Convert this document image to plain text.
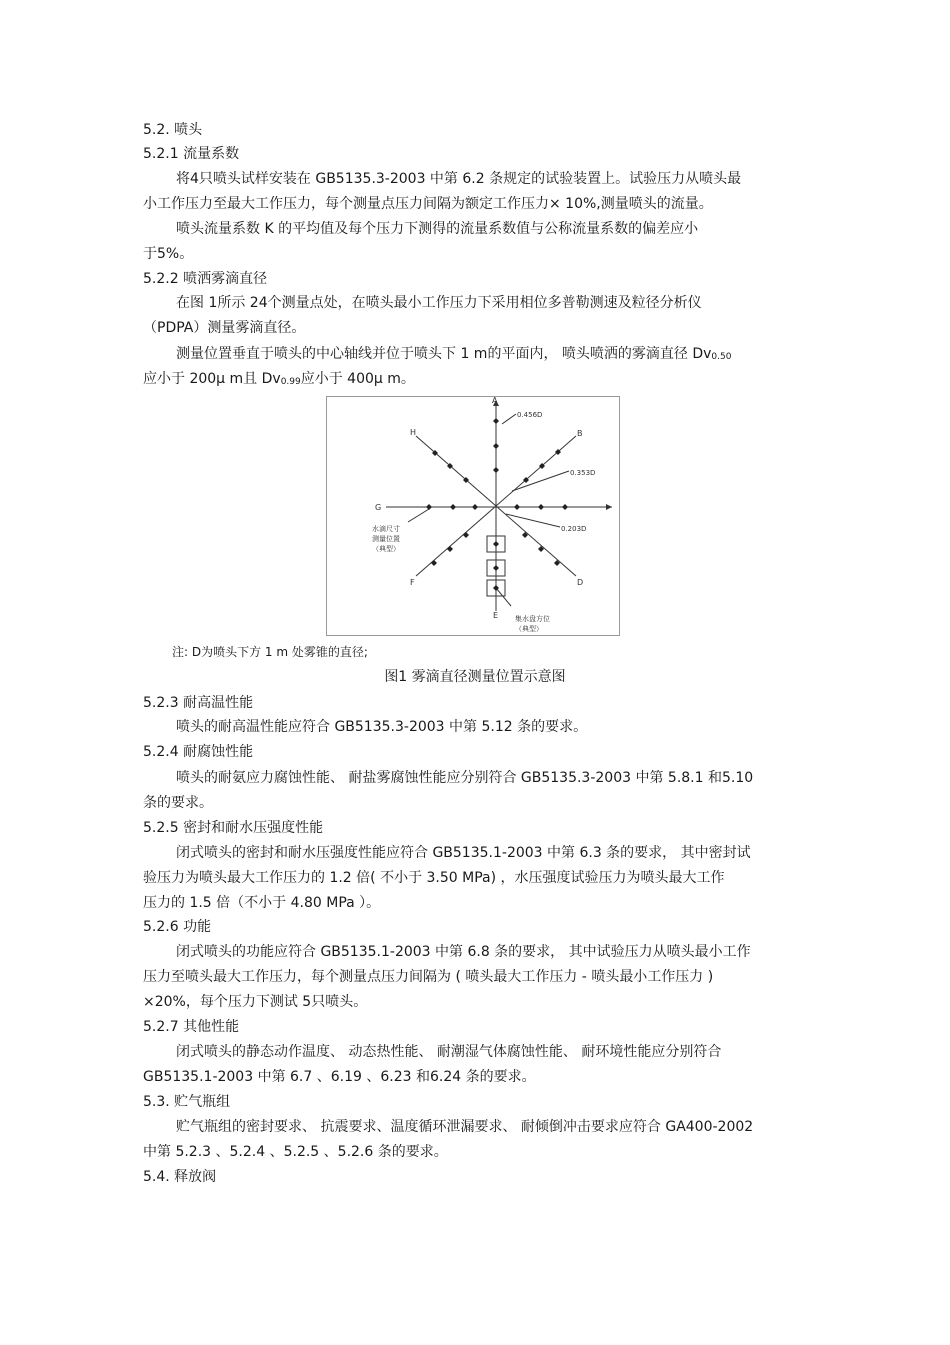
5.2. 喷头
5.2.1 流量系数
将4只喷头试样安装在 GB5135.3-2003 中第 6.2 条规定的试验装置上。试验压力从喷头最
小工作压力至最大工作压力，每个测量点压力间隔为额定工作压力× 10%,测量喷头的流量。
喷头流量系数 K 的平均值及每个压力下测得的流量系数值与公称流量系数的偏差应小
于5%。
5.2.2 喷洒雾滴直径
在图 1所示 24个测量点处，在喷头最小工作压力下采用相位多普勒测速及粒径分析仪
（PDPA）测量雾滴直径。
测量位置垂直于喷头的中心轴线并位于喷头下 1 m的平面内， 喷头喷洒的雾滴直径 $Dv_{0.50}$
应小于 200μ m且 $Dv_{0.99}$应小于 400μ m。
A
B
D
E
F
G
H
0.456D
0.353D
0.203D
水滴尺寸
测量位置
（典型）
集水盘方位
（典型）
注: D为喷头下方 1 m 处雾锥的直径;
图1 雾滴直径测量位置示意图
5.2.3 耐高温性能
喷头的耐高温性能应符合 GB5135.3-2003 中第 5.12 条的要求。
5.2.4 耐腐蚀性能
喷头的耐氨应力腐蚀性能、 耐盐雾腐蚀性能应分别符合 GB5135.3-2003 中第 5.8.1 和5.10
条的要求。
5.2.5 密封和耐水压强度性能
闭式喷头的密封和耐水压强度性能应符合 GB5135.1-2003 中第 6.3 条的要求， 其中密封试
验压力为喷头最大工作压力的 1.2 倍( 不小于 3.50 MPa) ，水压强度试验压力为喷头最大工作
压力的 1.5 倍（不小于 4.80 MPa ）。
5.2.6 功能
闭式喷头的功能应符合 GB5135.1-2003 中第 6.8 条的要求， 其中试验压力从喷头最小工作
压力至喷头最大工作压力，每个测量点压力间隔为 ( 喷头最大工作压力 - 喷头最小工作压力 )
×20%，每个压力下测试 5只喷头。
5.2.7 其他性能
闭式喷头的静态动作温度、 动态热性能、 耐潮湿气体腐蚀性能、 耐环境性能应分别符合
GB5135.1-2003 中第 6.7 、6.19 、6.23 和6.24 条的要求。
5.3. 贮气瓶组
贮气瓶组的密封要求、 抗震要求、温度循环泄漏要求、 耐倾倒冲击要求应符合 GA400-2002
中第 5.2.3 、5.2.4 、5.2.5 、5.2.6 条的要求。
5.4. 释放阀
